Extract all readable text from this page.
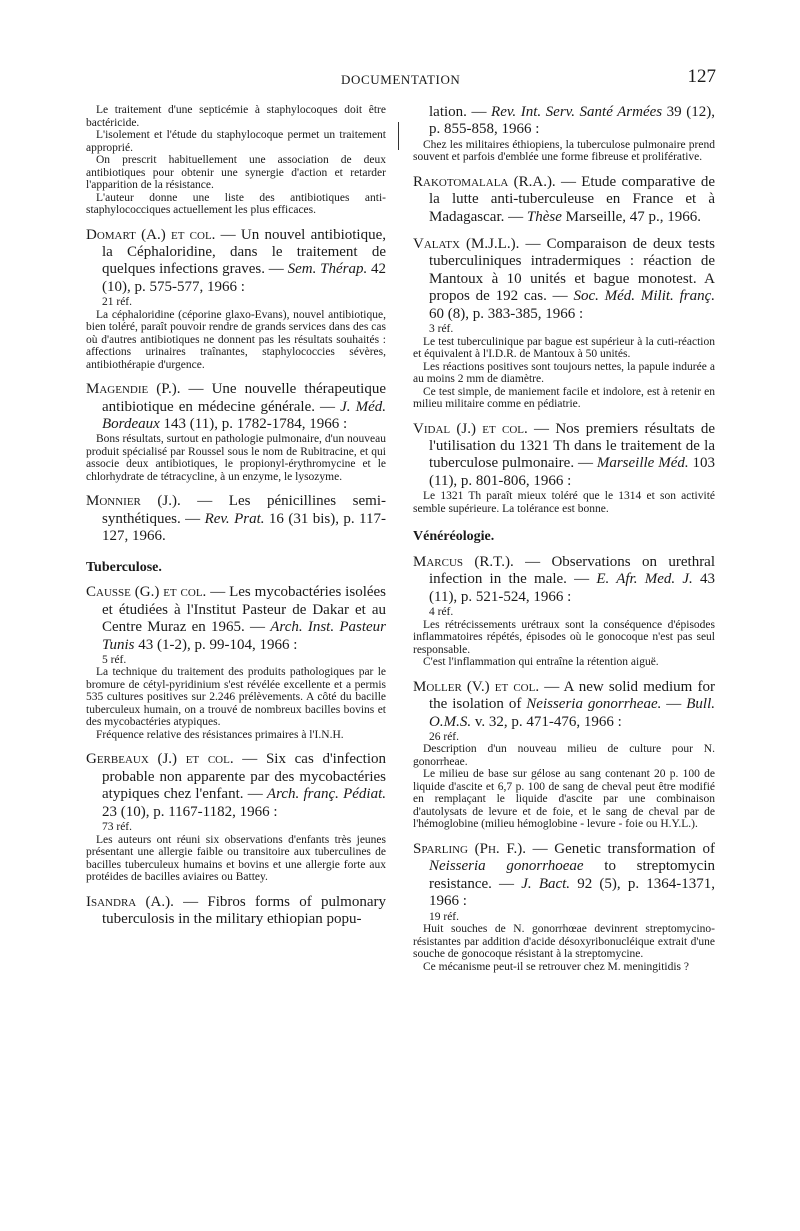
DOCUMENTATION	127

Le traitement d'une septicémie à staphylocoques doit être bactéricide.

L'isolement et l'étude du staphylocoque permet un traitement approprié.

On prescrit habituellement une association de deux antibiotiques pour obtenir une synergie d'action et retarder l'apparition de la résistance.

L'auteur donne une liste des antibiotiques anti-staphylococciques actuellement les plus efficaces.

Domart (A.) et col. — Un nouvel antibiotique, la Céphaloridine, dans le traitement de quelques infections graves. — Sem. Thérap. 42 (10), p. 575-577, 1966 :

21 réf.

La céphaloridine (céporine glaxo-Evans), nouvel antibiotique, bien toléré, paraît pouvoir rendre de grands services dans des cas où d'autres antibiotiques ne donnent pas les résultats souhaités : affections urinaires traînantes, staphylococcies sévères, antibiothérapie d'urgence.

Magendie (P.). — Une nouvelle thérapeutique antibiotique en médecine générale. — J. Méd. Bordeaux 143 (11), p. 1782-1784, 1966 :

Bons résultats, surtout en pathologie pulmonaire, d'un nouveau produit spécialisé par Roussel sous le nom de Rubitracine, et qui associe deux antibiotiques, le propionyl-érythromycine et le chlorhydrate de tétracycline, à un enzyme, le lysozyme.

Monnier (J.). — Les pénicillines semi-synthétiques. — Rev. Prat. 16 (31 bis), p. 117-127, 1966.

Tuberculose.

Causse (G.) et col. — Les mycobactéries isolées et étudiées à l'Institut Pasteur de Dakar et au Centre Muraz en 1965. — Arch. Inst. Pasteur Tunis 43 (1-2), p. 99-104, 1966 :

5 réf.

La technique du traitement des produits pathologiques par le bromure de cétyl-pyridinium s'est révélée excellente et a permis 535 cultures positives sur 2.246 prélèvements. A côté du bacille tuberculeux humain, on a trouvé de nombreux bacilles bovins et des mycobactéries atypiques.

Fréquence relative des résistances primaires à l'I.N.H.

Gerbeaux (J.) et col. — Six cas d'infection probable non apparente par des mycobactéries atypiques chez l'enfant. — Arch. franç. Pédiat. 23 (10), p. 1167-1182, 1966 :

73 réf.

Les auteurs ont réuni six observations d'enfants très jeunes présentant une allergie faible ou transitoire aux tuberculines de bacilles tuberculeux humains et bovins et une allergie forte aux protéides de bacilles aviaires ou Battey.

Isandra (A.). — Fibros forms of pulmonary tuberculosis in the military ethiopian popu-

lation. — Rev. Int. Serv. Santé Armées 39 (12), p. 855-858, 1966 :

Chez les militaires éthiopiens, la tuberculose pulmonaire prend souvent et parfois d'emblée une forme fibreuse et proliférative.

Rakotomalala (R.A.). — Etude comparative de la lutte anti-tuberculeuse en France et à Madagascar. — Thèse Marseille, 47 p., 1966.

Valatx (M.J.L.). — Comparaison de deux tests tuberculiniques intradermiques : réaction de Mantoux à 10 unités et bague monotest. A propos de 192 cas. — Soc. Méd. Milit. franç. 60 (8), p. 383-385, 1966 :

3 réf.

Le test tuberculinique par bague est supérieur à la cuti-réaction et équivalent à l'I.D.R. de Mantoux à 50 unités.

Les réactions positives sont toujours nettes, la papule indurée a au moins 2 mm de diamètre.

Ce test simple, de maniement facile et indolore, est à retenir en milieu militaire comme en pédiatrie.

Vidal (J.) et col. — Nos premiers résultats de l'utilisation du 1321 Th dans le traitement de la tuberculose pulmonaire. — Marseille Méd. 103 (11), p. 801-806, 1966 :

Le 1321 Th paraît mieux toléré que le 1314 et son activité semble supérieure. La tolérance est bonne.

Vénéréologie.

Marcus (R.T.). — Observations on urethral infection in the male. — E. Afr. Med. J. 43 (11), p. 521-524, 1966 :

4 réf.

Les rétrécissements urétraux sont la conséquence d'épisodes inflammatoires répétés, épisodes où le gonocoque n'est pas seul responsable.

C'est l'inflammation qui entraîne la rétention aiguë.

Moller (V.) et col. — A new solid medium for the isolation of Neisseria gonorrheae. — Bull. O.M.S. v. 32, p. 471-476, 1966 :

26 réf.

Description d'un nouveau milieu de culture pour N. gonorrheae.

Le milieu de base sur gélose au sang contenant 20 p. 100 de liquide d'ascite et 6,7 p. 100 de sang de cheval peut être modifié en remplaçant le liquide d'ascite par une combinaison d'autolysats de levure et de foie, et le sang de cheval par de l'hémoglobine (milieu hémoglobine - levure - foie ou H.Y.L.).

Sparling (Ph. F.). — Genetic transformation of Neisseria gonorrhoeae to streptomycin resistance. — J. Bact. 92 (5), p. 1364-1371, 1966 :

19 réf.

Huit souches de N. gonorrhœae devinrent streptomycino-résistantes par addition d'acide désoxyribonucléique extrait d'une souche de gonocoque résistant à la streptomycine.

Ce mécanisme peut-il se retrouver chez M. meningitidis ?
